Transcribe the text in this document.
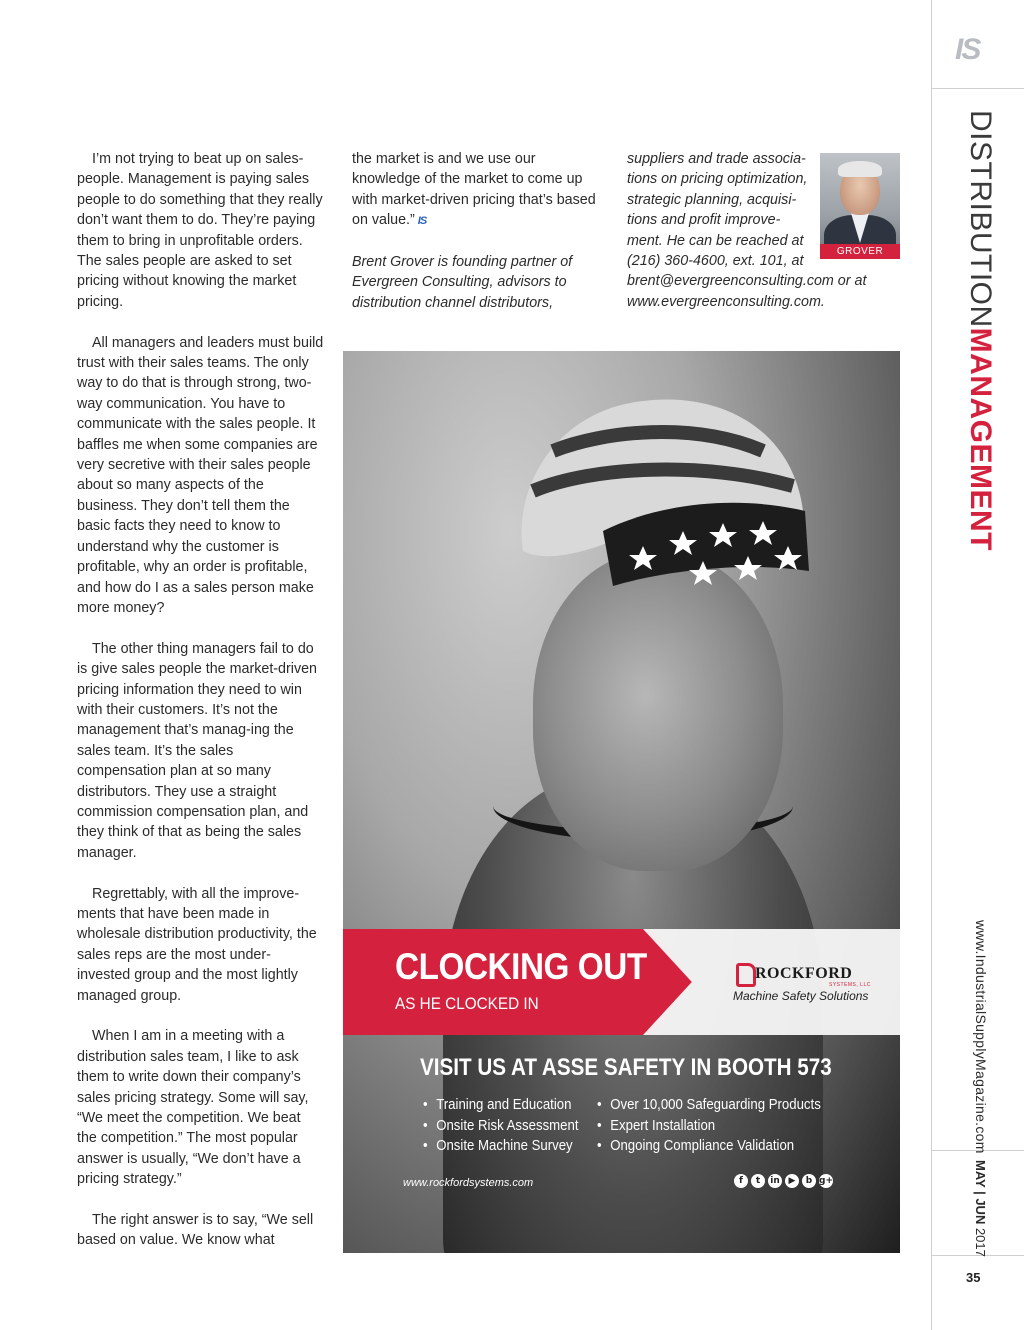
IS
DISTRIBUTIONMANAGEMENT
www.IndustrialSupplyMagazine.com
MAY | JUN 2017
35

I’m not trying to beat up on sales-people. Management is paying sales people to do something that they really don’t want them to do. They’re paying them to bring in unprofitable orders. The sales people are asked to set pricing without knowing the market pricing.

All managers and leaders must build trust with their sales teams. The only way to do that is through strong, two-way communication. You have to communicate with the sales people. It baffles me when some companies are very secretive with their sales people about so many aspects of the business. They don’t tell them the basic facts they need to know to understand why the customer is profitable, why an order is profitable, and how do I as a sales person make more money?

The other thing managers fail to do is give sales people the market-driven pricing information they need to win with their customers. It’s not the management that’s manag-ing the sales team. It’s the sales compensation plan at so many distributors. They use a straight commission compensation plan, and they think of that as being the sales manager.

Regrettably, with all the improve-ments that have been made in wholesale distribution productivity, the sales reps are the most under-invested group and the most lightly managed group.

When I am in a meeting with a distribution sales team, I like to ask them to write down their company’s sales pricing strategy. Some will say, “We meet the competition. We beat the competition.” The most popular answer is usually, “We don’t have a pricing strategy.”

The right answer is to say, “We sell based on value. We know what

the market is and we use our knowledge of the market to come up with market-driven pricing that’s based on value.” IS

Brent Grover is founding partner of Evergreen Consulting, advisors to distribution channel distributors,

suppliers and trade associa-tions on pricing optimization, strategic planning, acquisi-tions and profit improve-ment. He can be reached at (216) 360-4600, ext. 101, at
brent@evergreenconsulting.com or at www.evergreenconsulting.com.
GROVER
CLOCKING OUT
AS HE CLOCKED IN
ROCKFORD
SYSTEMS, LLC
Machine Safety Solutions
VISIT US AT ASSE SAFETY IN BOOTH 573
• Training and Education
• Onsite Risk Assessment
• Onsite Machine Survey
• Over 10,000 Safeguarding Products
• Expert Installation
• Ongoing Compliance Validation
www.rockfordsystems.com	f	t	in ▶	b g+
